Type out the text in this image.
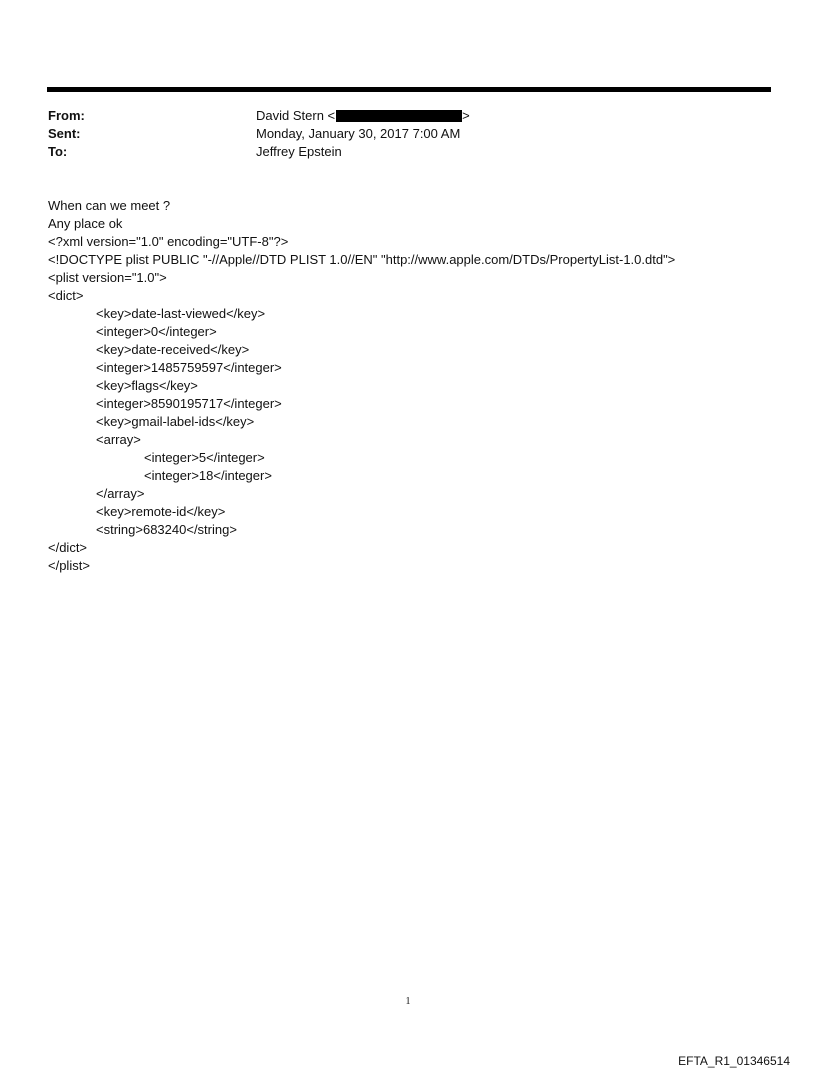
From:	David Stern <	>
Sent:	Monday, January 30, 2017 7:00 AM
To:	Jeffrey Epstein
When can we meet ?
Any place ok
<?xml version="1.0" encoding="UTF-8"?>
<!DOCTYPE plist PUBLIC "-//Apple//DTD PLIST 1.0//EN" "http://www.apple.com/DTDs/PropertyList-1.0.dtd">
<plist version="1.0">
<dict>
<key>date-last-viewed</key>
<integer>0</integer>
<key>date-received</key>
<integer>1485759597</integer>
<key>flags</key>
<integer>8590195717</integer>
<key>gmail-label-ids</key>
<array>
<integer>5</integer>
<integer>18</integer>
</array>
<key>remote-id</key>
<string>683240</string>
</dict>
</plist>
1
EFTA_R1_01346514
